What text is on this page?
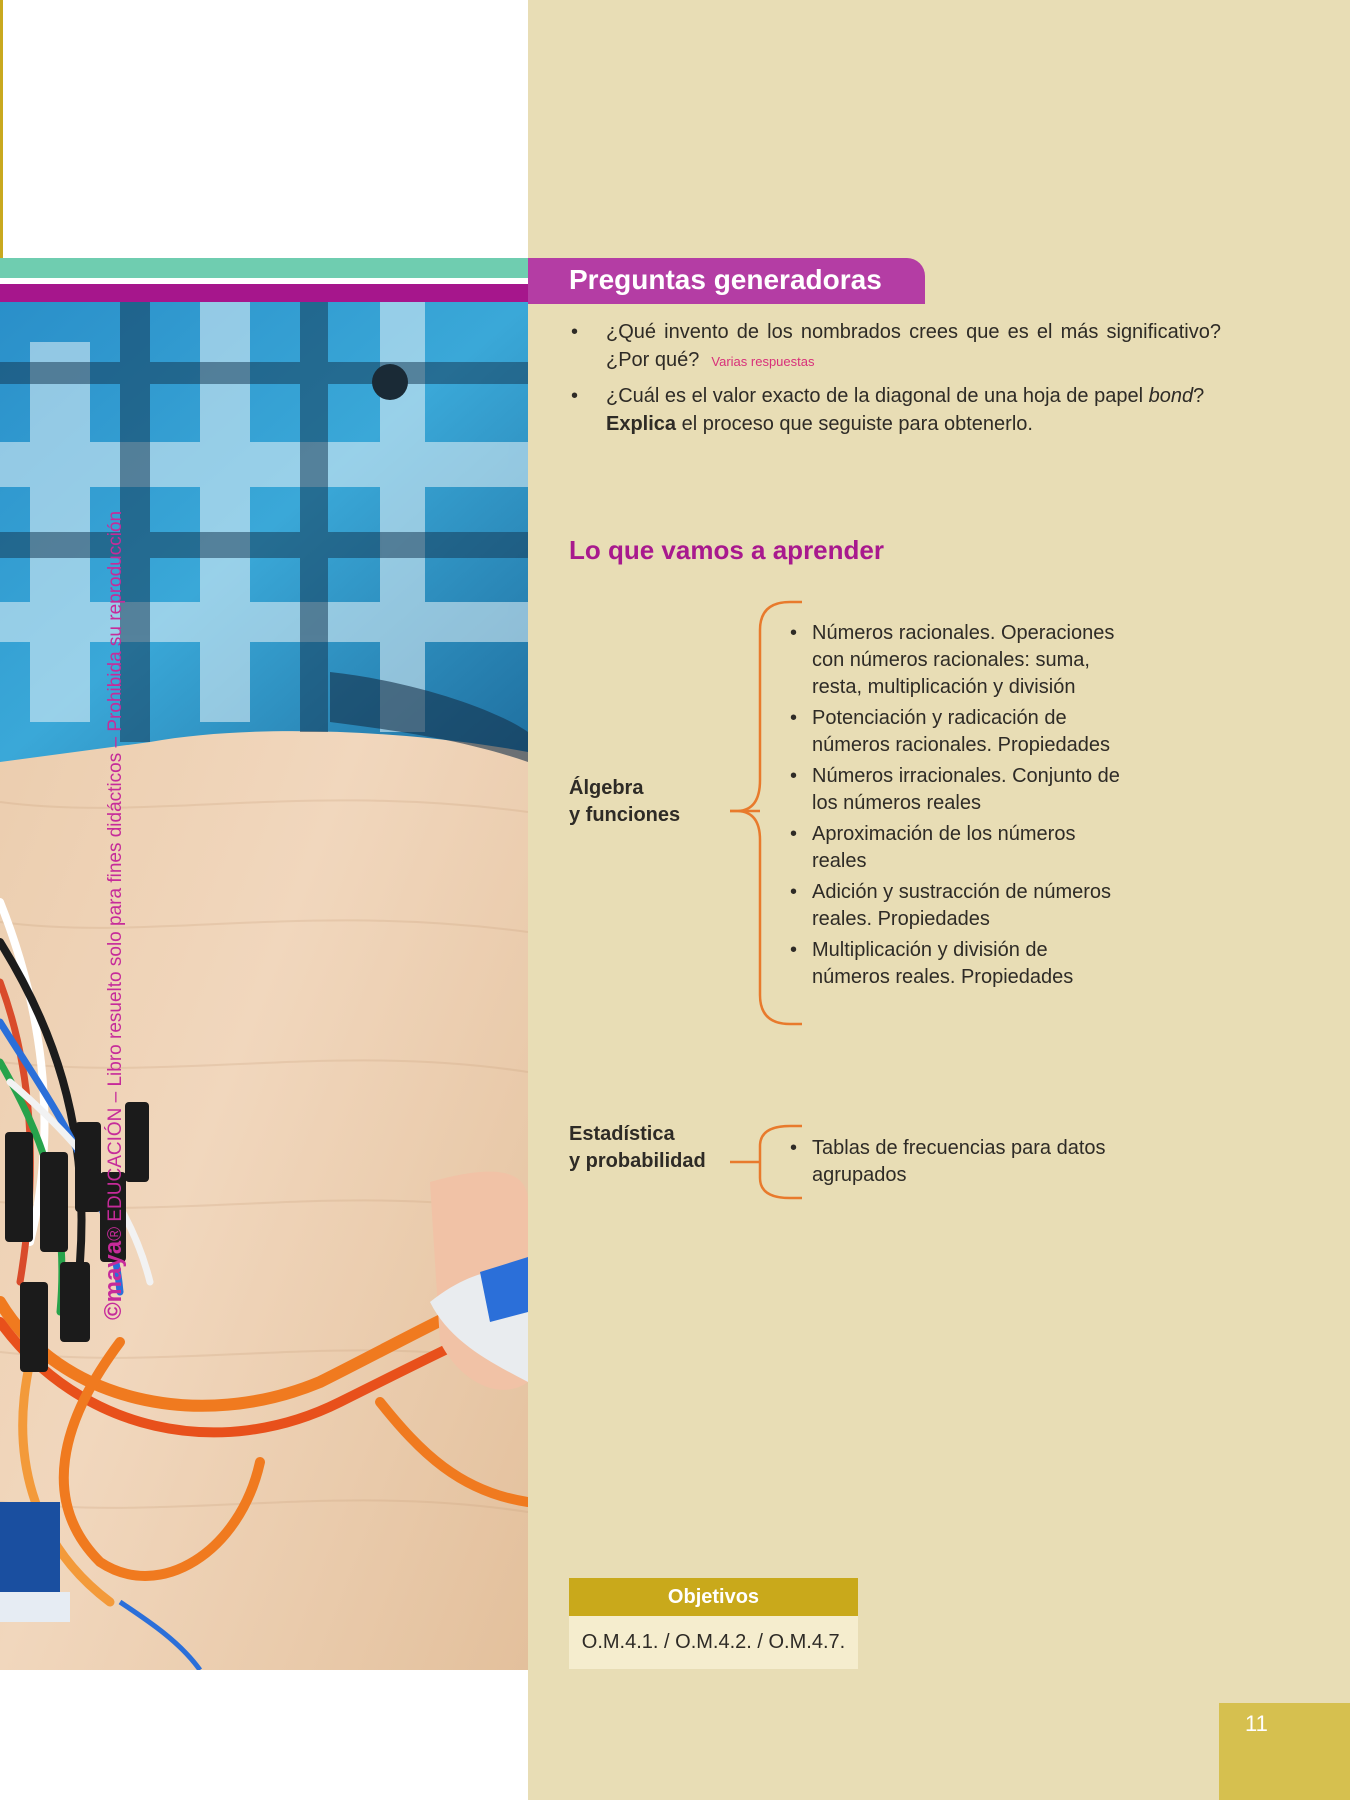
©maya® EDUCACIÓN – Libro resuelto solo para fines didácticos – Prohibida su reproducción
Preguntas generadoras
• ¿Qué invento de los nombrados crees que es el más significativo? ¿Por qué? Varias respuestas
• ¿Cuál es el valor exacto de la diagonal de una hoja de papel bond?
Explica el proceso que seguiste para obtenerlo.
Lo que vamos a aprender
Álgebra
y funciones
• Números racionales. Operaciones con números racionales: suma, resta, multiplicación y división
• Potenciación y radicación de números racionales. Propiedades
• Números irracionales. Conjunto de los números reales
• Aproximación de los números reales
• Adición y sustracción de números reales. Propiedades
• Multiplicación y división de números reales. Propiedades
Estadística
y probabilidad
• Tablas de frecuencias para datos agrupados
Objetivos
O.M.4.1. / O.M.4.2. / O.M.4.7.
11
